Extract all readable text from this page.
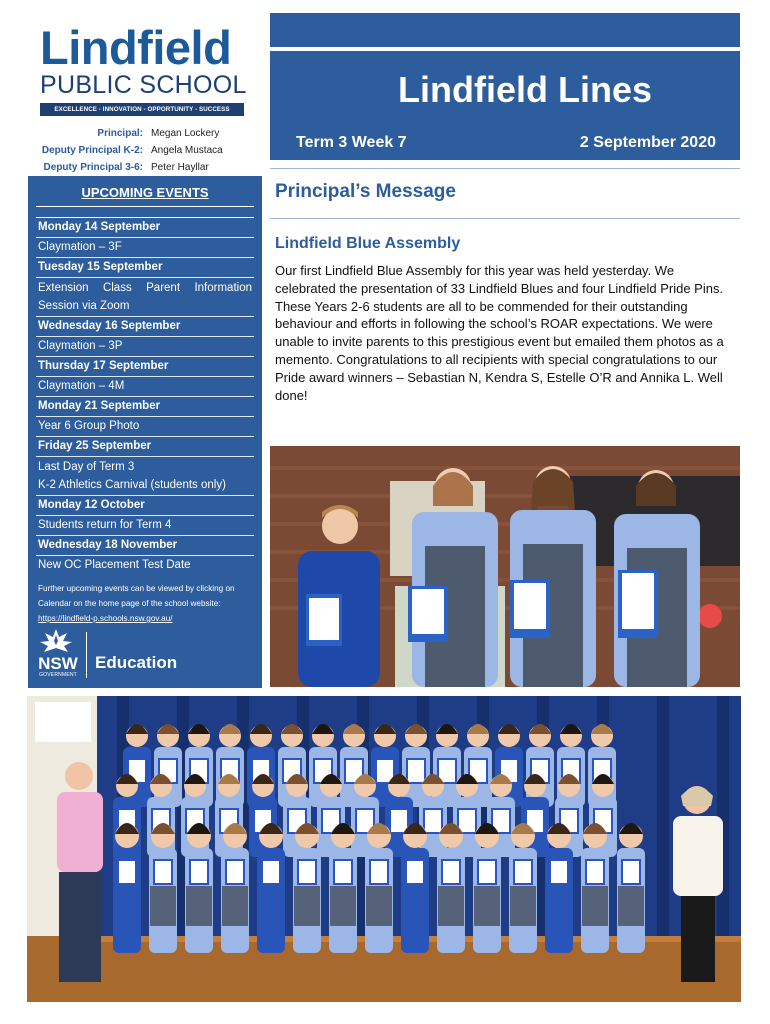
Lindfield
PUBLIC SCHOOL
EXCELLENCE - INNOVATION - OPPORTUNITY - SUCCESS
Principal: Megan Lockery
Deputy Principal K-2: Angela Mustaca
Deputy Principal 3-6: Peter Hayllar
UPCOMING EVENTS
Monday 14 September
Claymation – 3F
Tuesday 15 September
Extension Class Parent Information
Session via Zoom
Wednesday 16 September
Claymation – 3P
Thursday 17 September
Claymation – 4M
Monday 21 September
Year 6 Group Photo
Friday 25 September
Last Day of Term 3
K-2 Athletics Carnival (students only)
Monday 12 October
Students return for Term 4
Wednesday 18 November
New OC Placement Test Date
Further upcoming events can be viewed by clicking on Calendar on the home page of the school website:
https://lindfield-p.schools.nsw.gov.au/
NSW
GOVERNMENT
Education
Lindfield Lines
Term 3 Week 7	2 September 2020
Principal’s Message
Lindfield Blue Assembly
Our first Lindfield Blue Assembly for this year was held yesterday. We celebrated the presentation of 33 Lindfield Blues and four Lindfield Pride Pins. These Years 2-6 students are all to be commended for their outstanding behaviour and efforts in following the school’s ROAR expectations. We were unable to invite parents to this prestigious event but emailed them photos as a memento. Congratulations to all recipients with special congratulations to our Pride award winners – Sebastian N, Kendra S, Estelle O’R and Annika L. Well done!
